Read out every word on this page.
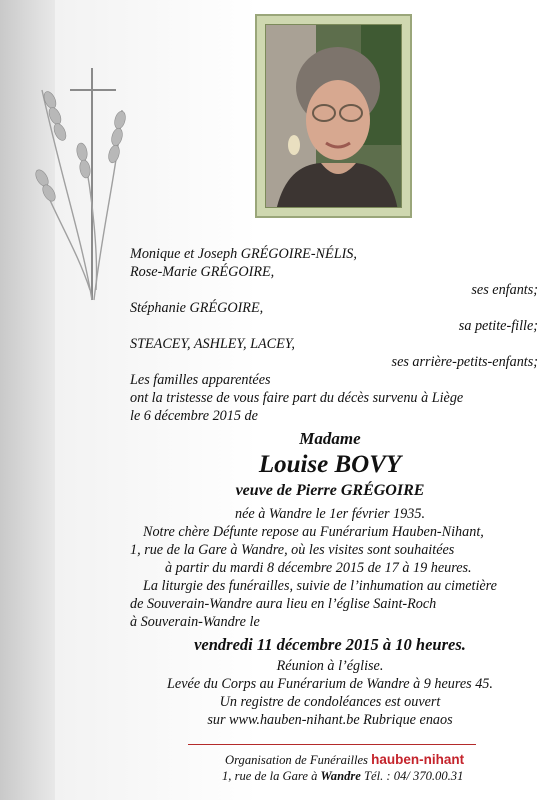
Monique et Joseph GRÉGOIRE-NÉLIS,
Rose-Marie GRÉGOIRE,
ses enfants;
Stéphanie GRÉGOIRE,
sa petite-fille;
STEACEY, ASHLEY, LACEY,
ses arrière-petits-enfants;
Les familles apparentées
ont la tristesse de vous faire part du décès survenu à Liège
le 6 décembre 2015 de
Madame
Louise BOVY
veuve de Pierre GRÉGOIRE
née à Wandre le 1er février 1935.
Notre chère Défunte repose au Funérarium Hauben-Nihant,
1, rue de la Gare à Wandre, où les visites sont souhaitées
à partir du mardi 8 décembre 2015 de 17 à 19 heures.
La liturgie des funérailles, suivie de l’inhumation au cimetière
de Souverain-Wandre aura lieu en l’église Saint-Roch
à Souverain-Wandre le
vendredi 11 décembre 2015 à 10 heures.
Réunion à l’église.
Levée du Corps au Funérarium de Wandre à 9 heures 45.
Un registre de condoléances est ouvert
sur www.hauben-nihant.be Rubrique enaos
Organisation de Funérailles hauben-nihant
1, rue de la Gare à Wandre Tél. : 04/ 370.00.31
